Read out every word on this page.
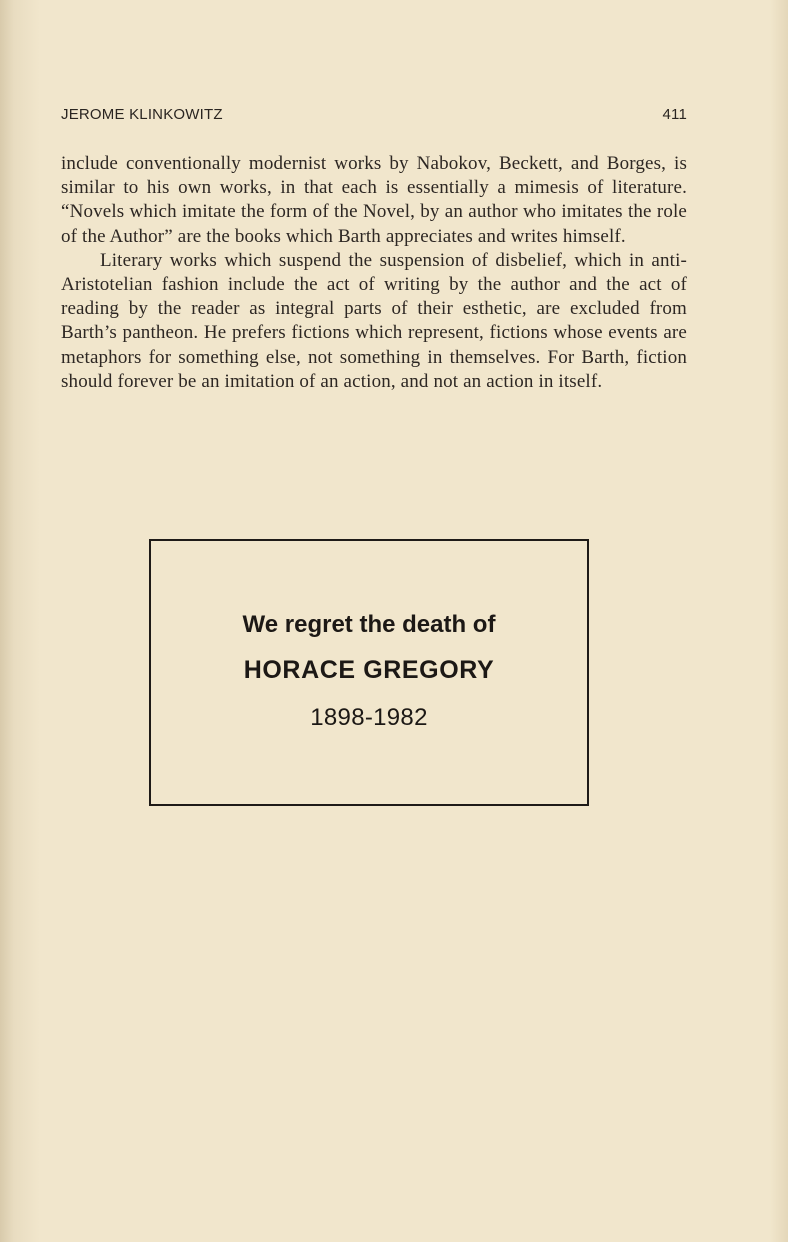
JEROME KLINKOWITZ	411

include conventionally modernist works by Nabokov, Beckett, and Borges, is similar to his own works, in that each is essentially a mimesis of literature. “Novels which imitate the form of the Novel, by an author who imitates the role of the Author” are the books which Barth appreciates and writes himself.

Literary works which suspend the suspension of disbelief, which in anti-Aristotelian fashion include the act of writing by the author and the act of reading by the reader as integral parts of their esthetic, are excluded from Barth’s pantheon. He prefers fictions which represent, fictions whose events are metaphors for something else, not something in themselves. For Barth, fiction should forever be an imitation of an action, and not an action in itself.

We regret the death of
HORACE GREGORY
1898-1982
